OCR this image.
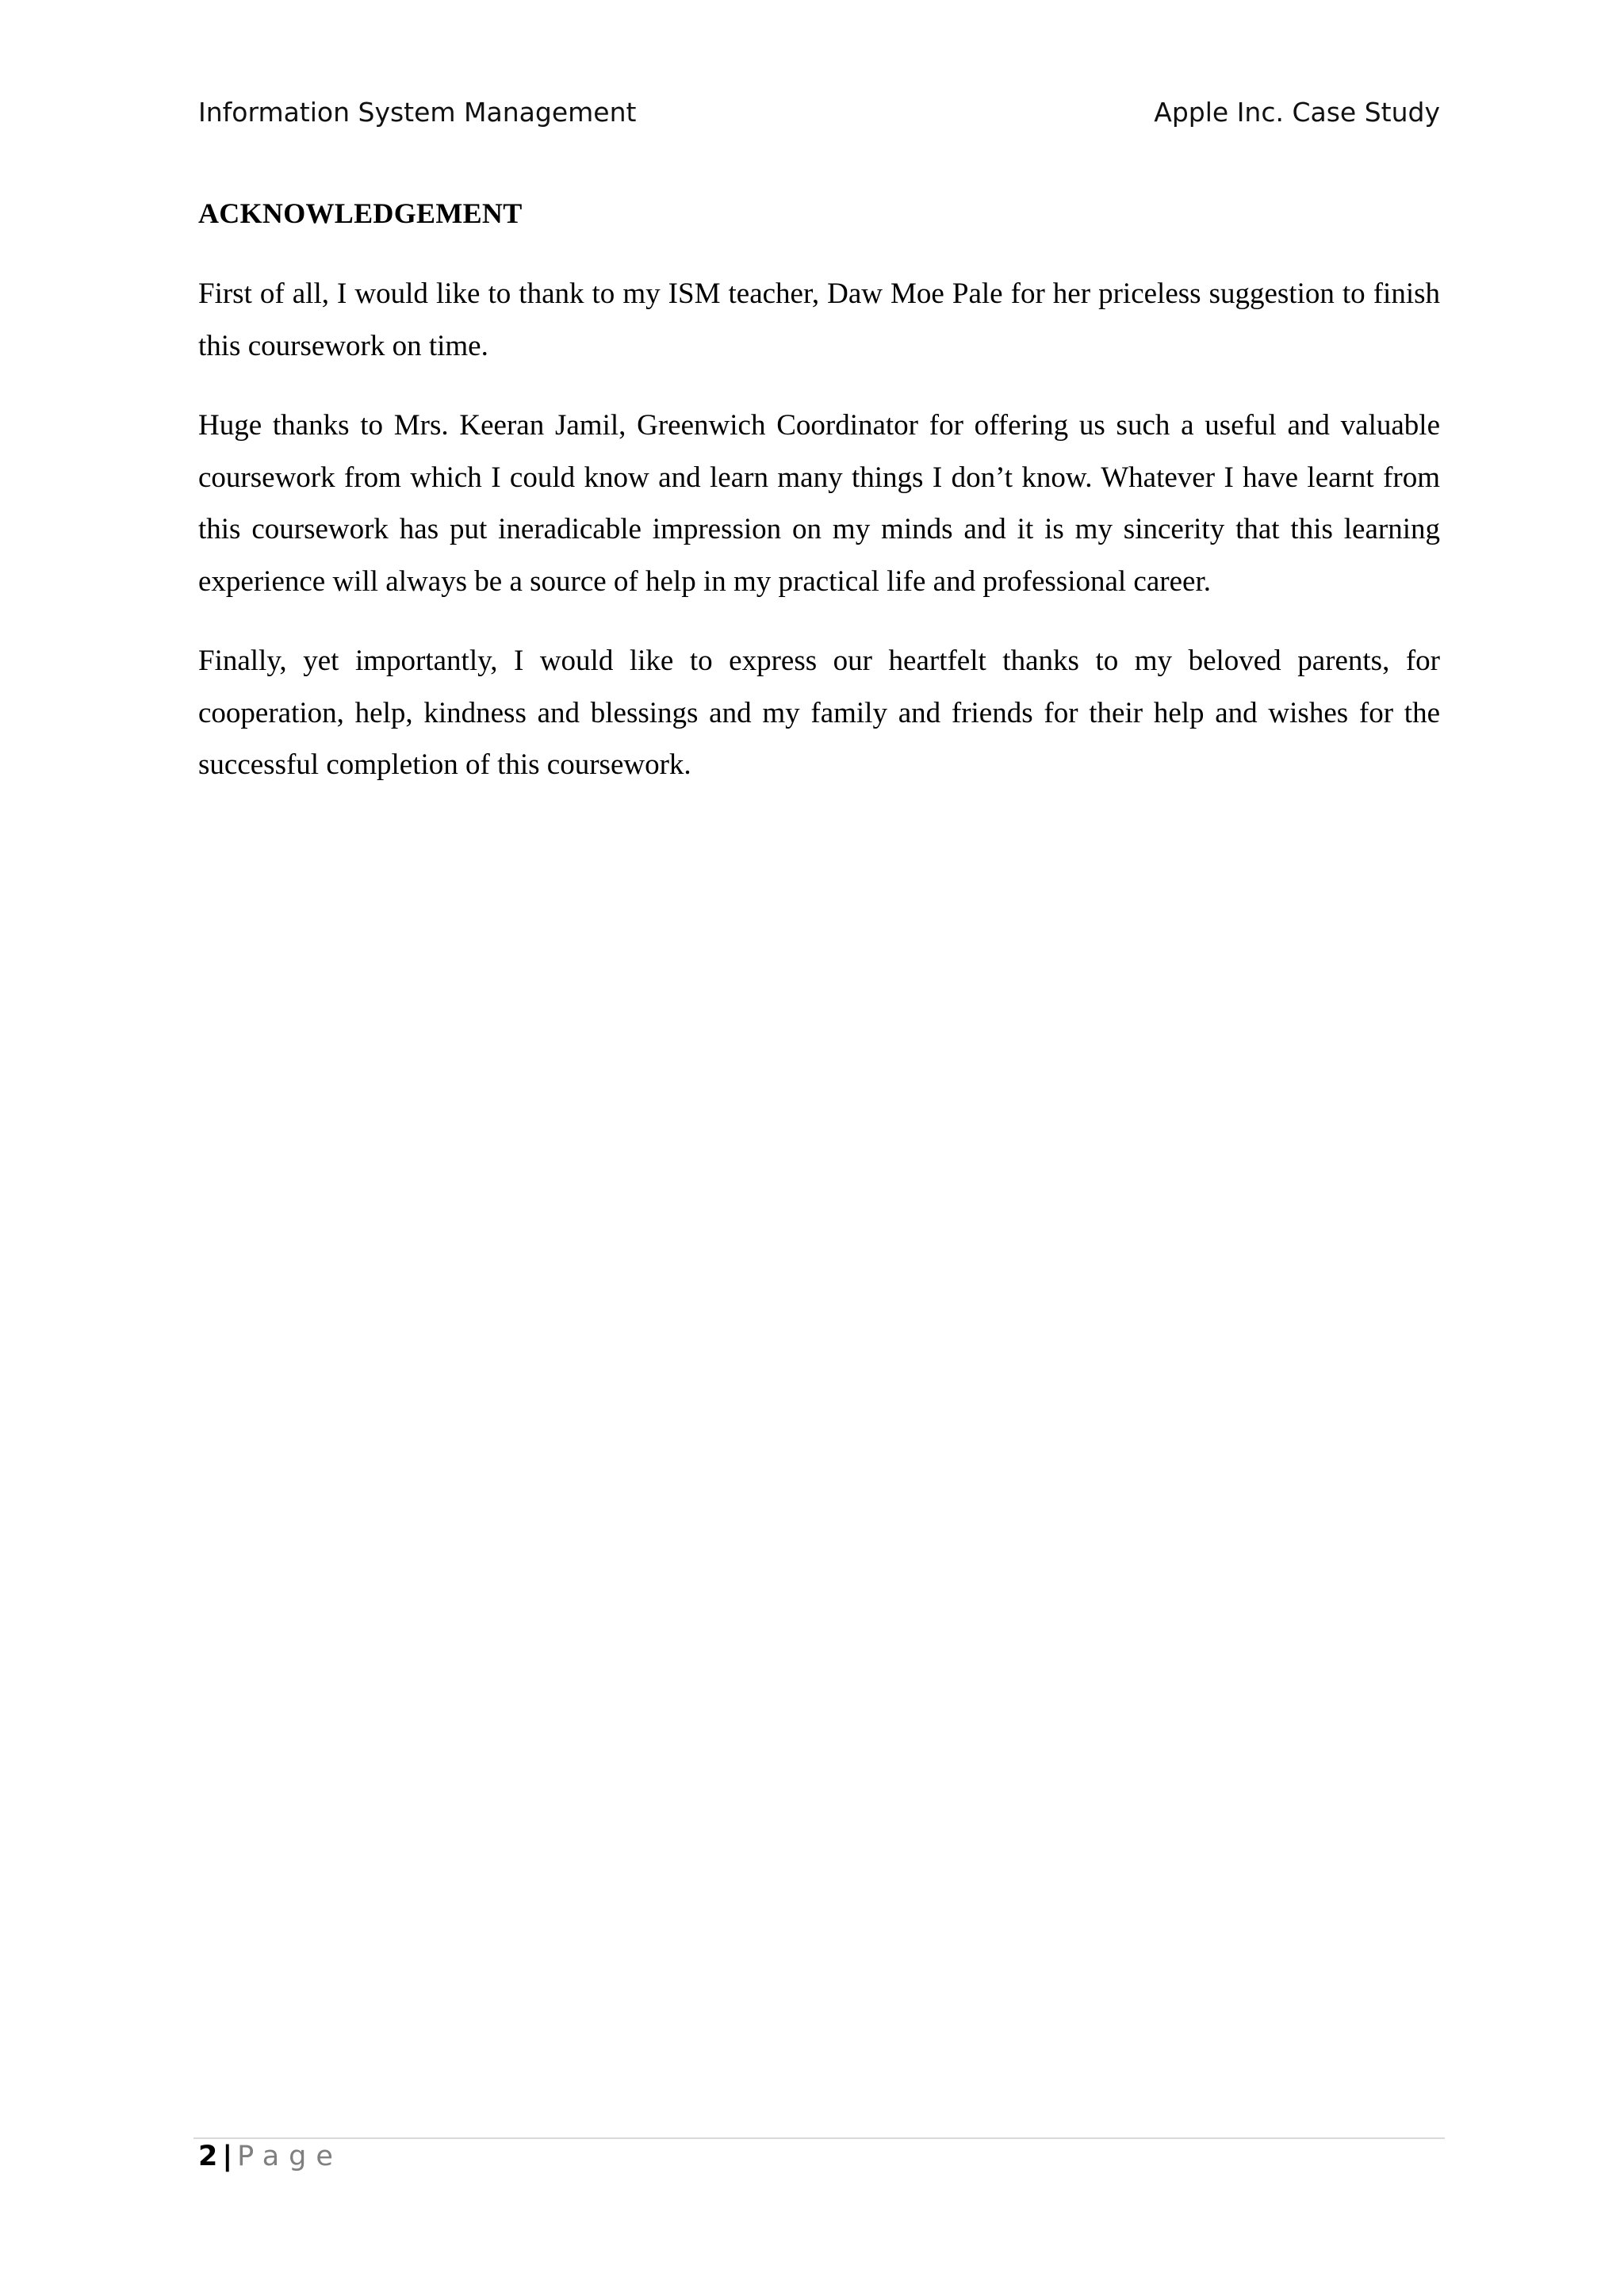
Information System Management	Apple Inc. Case Study
ACKNOWLEDGEMENT

First of all, I would like to thank to my ISM teacher, Daw Moe Pale for her priceless suggestion to finish this coursework on time.

Huge thanks to Mrs. Keeran Jamil, Greenwich Coordinator for offering us such a useful and valuable coursework from which I could know and learn many things I don’t know. Whatever I have learnt from this coursework has put ineradicable impression on my minds and it is my sincerity that this learning experience will always be a source of help in my practical life and professional career.

Finally, yet importantly, I would like to express our heartfelt thanks to my beloved parents, for cooperation, help, kindness and blessings and my family and friends for their help and wishes for the successful completion of this coursework.

2 | Page
